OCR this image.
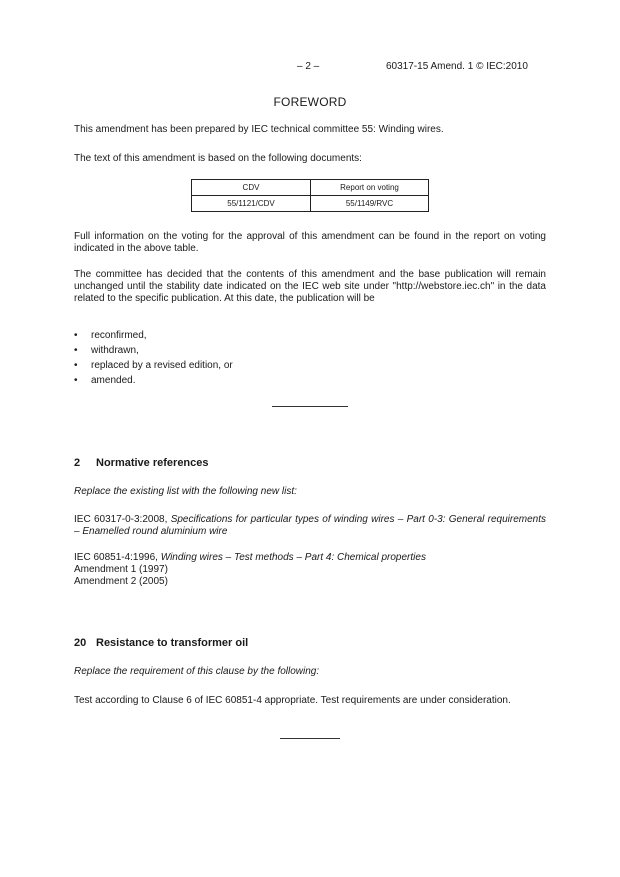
– 2 –	60317-15 Amend. 1 © IEC:2010
FOREWORD
This amendment has been prepared by IEC technical committee 55: Winding wires.
The text of this amendment is based on the following documents:
CDV	Report on voting
55/1121/CDV	55/1149/RVC
Full information on the voting for the approval of this amendment can be found in the report on voting indicated in the above table.
The committee has decided that the contents of this amendment and the base publication will remain unchanged until the stability date indicated on the IEC web site under "http://webstore.iec.ch" in the data related to the specific publication. At this date, the publication will be
• reconfirmed,
• withdrawn,
• replaced by a revised edition, or
• amended.
2 Normative references
Replace the existing list with the following new list:
IEC 60317-0-3:2008, Specifications for particular types of winding wires – Part 0-3: General requirements – Enamelled round aluminium wire
IEC 60851-4:1996, Winding wires – Test methods – Part 4: Chemical properties
Amendment 1 (1997)
Amendment 2 (2005)
20 Resistance to transformer oil
Replace the requirement of this clause by the following:
Test according to Clause 6 of IEC 60851-4 appropriate. Test requirements are under consideration.
